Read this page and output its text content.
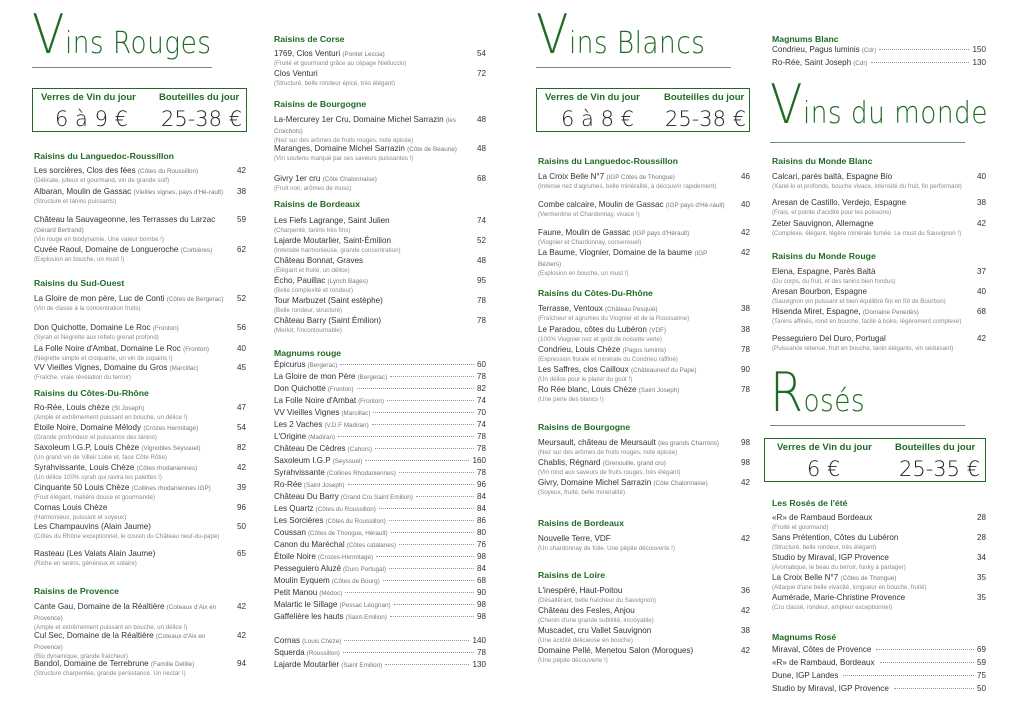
Vins Rouges
Verres de Vin du jour Bouteilles du jour
6 à 9 € 25-38 €
Raisins du Languedoc-Roussillon
Les sorcières, Clos des fées (Côtes du Roussillon)
(Délicate, juteux et gourmand, vin de grande soif)
42
Albaran, Moulin de Gassac (Vieilles vignes, pays d'Hé-rault)
(Structure et tanins puissants)
38
Château la Sauvageonne, les Terrasses du Larzac (Gérard Bertrand)
(Vin rouge en biodynamie. Une valeur bombe !)
59
Cuvée Raoul, Domaine de Longueroche (Corbières)
(Explosion en bouche, un must !)
62
Raisins du Sud-Ouest
La Gloire de mon père, Luc de Conti (Côtes de Bergerac)
(Vin de classe à la concentration fruits)
52
Don Quichotte, Domaine Le Roc (Fronton)
(Syrah et Négrette aux reflets grenat profond)
56
La Folle Noire d'Ambat, Domaine Le Roc (Fronton)
(Négrette simple et croquante, un vin de copains !)
40
VV Vieilles Vignes, Domaine du Gros (Marcillac)
(Fraîche, vraie révélation du terroir)
45
Raisins du Côtes-Du-Rhône
Ro-Rée, Louis chèze (St Joseph)
(Ample et extrêmement puissant en bouche, un délice !)
47
Étoile Noire, Domaine Mélody (Crozes Hermitage)
(Grande profondeur et puissance des tanins)
54
Saxoleum I.G.P, Louis Chèze (Vignobles Seyssuel)
(Un grand vin de Villeir Lobe et, face Côte Rôtie)
82
Syrahvissante, Louis Chèze (Côtes rhodaniennes)
(Un délice 100% syrah qui ravira les palettes !)
42
Cinquante 50 Louis Chèze (Collines rhodaniennes IGP)
(Fruit élégant, matière douce et gourmande)
39
Cornas Louis Chèze
(Harmonieux, puissant et soyeux)
96
Les Champauvins (Alain Jaume)
(Côtes du Rhône exceptionnel, le cousin du Château neuf-du-pape)
50
Rasteau (Les Valats Alain Jaume)
(Riche en tanins, généreux et solaire)
65
Raisins de Provence
Cante Gau, Domaine de la Réaltière (Coteaux d'Aix en Provence)
(Ample et extrêmement puissant en bouche, un délice !)
42
Cul Sec, Domaine de la Réaltière (Coteaux d'Aix en Provence)
(Bio dynamique, grande fraîcheur)
42
Bandol, Domaine de Terrebrune (Famille Delille)
(Structure charpentée, grande persistance. Un nectar !)
94
Raisins de Corse
1769, Clos Venturi (Pontet Leccia)
(Fruité et gourmand grâce au cépage Nielluccio)
54
Clos Venturi
(Structuré, belle rondeur épicé, très élégant)
72
Raisins de Bourgogne
La-Mercurey 1er Cru, Domaine Michel Sarrazin (les Croichots)
(Nez sur des arômes de fruits rouges, note épicée)
48
Maranges, Domaine Michel Sarrazin (Côte de Beaune)
(Vin soutenu marqué par ses saveurs puissantes !)
48
Givry 1er cru (Côte Chalonnaise)
(Fruit noir, arômes de musc)
68
Raisins de Bordeaux
Les Fiefs Lagrange, Saint Julien
(Charpenté, tanins très fins)
74
Lajarde Moutarlier, Saint-Émilion
(Intensité harmonieuse, grande concentration)
52
Château Bonnat, Graves
(Élégant et fruité, un délice)
48
Écho, Pauillac (Lynch Bages)
(Belle complexité et rondeur)
95
Tour Marbuzet (Saint estèphe)
(Belle rondeur, structuré)
78
Château Barry (Saint Émilion)
(Merlot, l'incontournable)
78
Magnums rouge
Épicurus (Bergerac)	60
La Gloire de mon Père (Bergerac)	78
Don Quichotte (Fronton)	82
La Folle Noire d'Ambat (Fronton)	74
VV Vieilles Vignes (Marcillac)	70
Les 2 Vaches (V.D.F Madiran)	74
L'Origine (Madiran)	78
Château De Cèdres (Cahors)	78
Saxoleum I.G.P (Seyssuel)	160
Syrahvissante (Collines Rhodaniennes)	78
Ro-Rée (Saint Joseph)	96
Château Du Barry (Grand Cru Saint Emilion)	84
Les Quartz (Côtes du Roussillon)	84
Les Sorcières (Côtes du Roussillon)	86
Coussan (Côtes de Thongue, Hérault)	80
Canon du Maréchal (Côtes catalanes)	76
Étoile Noire (Crozes-Hermitage)	98
Pesseguiero Aluzé (Duro Portugal)	84
Moulin Eyquem (Côtes de Bourg)	68
Petit Manou (Médoc)	90
Malartic le Sillage (Pessac Léognan)	98
Gaffelière les hauts (Saint-Emilion)	98
Cornas (Louis Chèze)	140
Squerda (Roussillon)	78
Lajarde Moutarlier (Saint Emilion)	130
Vins Blancs
Verres de Vin du jour	Bouteilles du jour
6 à 8 € 25-38 €
Raisins du Languedoc-Roussillon
La Croix Belle N°7 (IGP Côtes de Thongue)
(Intense nez d'agrumes, belle minéralité, à découvrir rapidement)
46
Combe calcaire, Moulin de Gassac (IGP pays d'Hé-rault)
(Vermentino et Chardonnay, vivace !)
40
Faune, Moulin de Gassac (IGP pays d'Hérault)
(Viognier et Chardonnay, consensuel)
42
La Baume, Viognier, Domaine de la baume (IGP Béziers)
(Explosion en bouche, un must !)
42
Raisins du Côtes-Du-Rhône
Terrasse, Ventoux (Château Pesquié)
(Fraîcheur et agrumes du Viognier et de la Roussanne)
38
Le Paradou, côtes du Lubéron (VDF)
(100% Viognier nez et goût de noisette verte)
38
Condrieu, Louis Chèze (Pagus luminis)
(Expression florale et minérale du Condrieu raffiné)
78
Les Saffres, clos Cailloux (Châteauneuf du Pape)
(Un délice pour le plaisir du goût !)
90
Ro Rée blanc, Louis Chèze (Saint Joseph)
(Une perle des blancs !)
78
Raisins de Bourgogne
Meursault, château de Meursault (les grands Charrons)
(Nez sur des arômes de fruits rouges, note épicée)
98
Chablis, Régnard (Grenouille, grand cru)
(Vin rond aux saveurs de fruits rouges, très élégant)
98
Givry, Domaine Michel Sarrazin (Côte Chalonnaise)
(Soyeux, fruité, belle minéralité)
42
Raisins de Bordeaux
Nouvelle Terre, VDF
(Un chardonnay de folie. Une pépite découverte !)
42
Raisins de Loire
L'inespéré, Haut-Poitou
(Désaltérant, belle fraîcheur du Sauvignon)
36
Château des Fesles, Anjou
(Chenin d'une grande subtilité, incroyable)
42
Muscadet, cru Vallet Sauvignon
(Une acidité délicieuse en bouche)
38
Domaine Pellé, Menetou Salon (Morogues)
(Une pépite découverte !)
42
Magnums Blanc
Condrieu, Pagus luminis (Cdr)	150
Ro-Rée, Saint Joseph (Cdr)	130
Vins du monde
Raisins du Monde Blanc
Calcari, parés baltà, Espagne Bio
(Xarel-lo et profonds, bouche vivace, intensité du fruit, fin performant)
40
Aresan de Castillo, Verdejo, Espagne
(Frais, et pointe d'acidité pour les poissons)
38
Zeter Sauvignon, Allemagne
(Complexe, élégant, légère minérale fumée. Le must du Sauvignon !)
42
Raisins du Monde Rouge
Elena, Espagne, Parès Baltà
(Du corps, du fruit, et des tanins bien fondus)
37
Aresan Bourbon, Espagne
(Sauvignon vin puissant et bien équilibré fini en fût de Bourbon)
40
Hisenda Miret, Espagne, (Domaine Penedès)
(Tanins affinés, rond en bouche, facile à boire, légèrement complexe)
68
Pesseguiero Del Duro, Portugal
(Puissance retenue, fruit en bouche, tanin élégants, vin séduisant)
42
Rosés
Verres de Vin du jour Bouteilles du jour
6 €	25-35 €
Les Rosés de l'été
«R» de Rambaud Bordeaux
(Fruité et gourmand)
28
Sans Prétention, Côtes du Lubéron
(Structuré, belle rondeur, très élégant)
28
Studio by Miraval, IGP Provence
(Aromatique, le beau du terroir, funky à partager)
34
La Croix Belle N°7 (Côtes de Thongue)
(Attaque d'une belle vivacité, longueur en bouche, fruité)
35
Aumérade, Marie-Christine Provence
(Cru classé, rondeur, ampleur exceptionnel)
35
Magnums Rosé
Miraval, Côtes de Provence	69
«R» de Rambaud, Bordeaux	59
Dune, IGP Landes	75
Studio by Miraval, IGP Provence	50
